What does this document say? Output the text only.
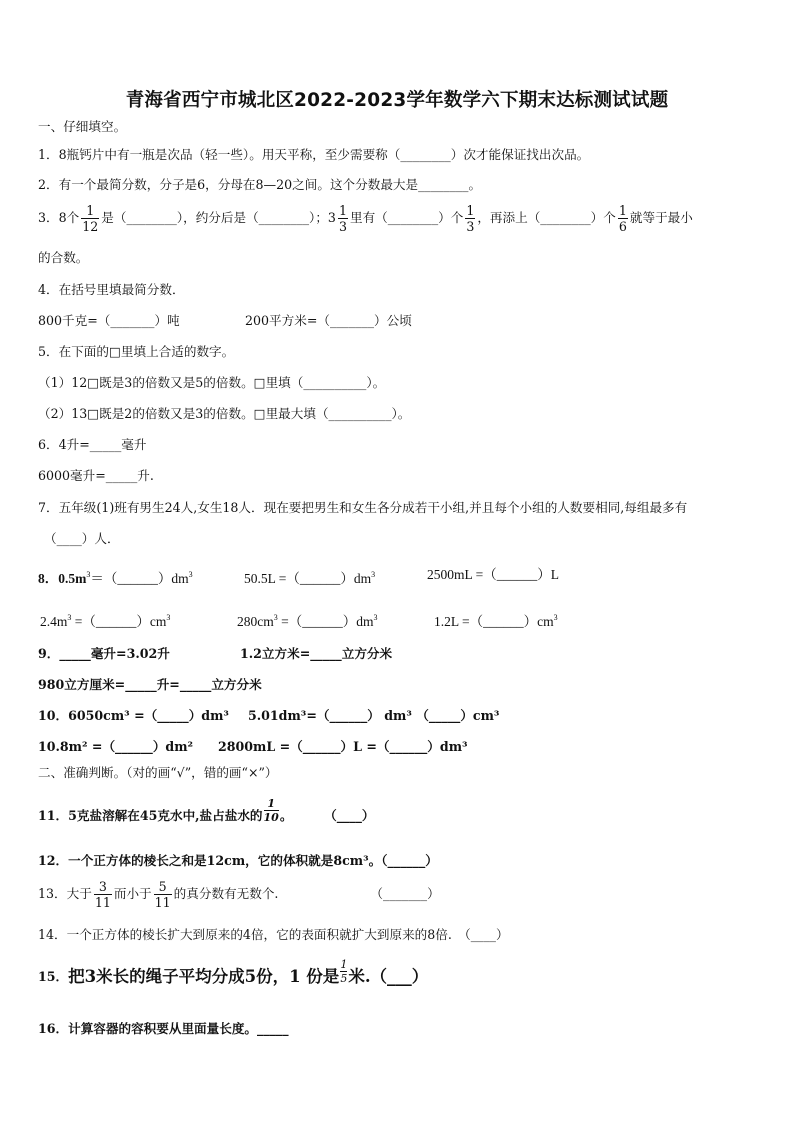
青海省西宁市城北区2022-2023学年数学六下期末达标测试试题
一、仔细填空。
1．8瓶钙片中有一瓶是次品（轻一些）。用天平称，至少需要称（________）次才能保证找出次品。
2．有一个最简分数，分子是6，分母在8—20之间。这个分数最大是________。
3．8个 $\frac{1}{12}$ 是（________），约分后是（________）；$3 \frac{1}{3}$ 里有（________）个 $\frac{1}{3}$ ，再添上（________）个 $\frac{1}{6}$ 就等于最小
的合数。
4．在括号里填最简分数．
800千克=（_______）吨	200平方米=（_______）公顷
5．在下面的□里填上合适的数字。
（1）12□既是3的倍数又是5的倍数。□里填（__________）。
（2）13□既是2的倍数又是3的倍数。□里最大填（__________）。
6．4升=_____毫升
6000毫升=_____升.
7．五年级(1)班有男生24人,女生18人．现在要把男生和女生各分成若干小组,并且每个小组的人数要相同,每组最多有
（____）人．
8．$0.5m^3=(\_\_\_\_\_\_)dm^3$	$50.5L =(\_\_\_\_\_\_)dm^3$	2500mL =（______）L
$2.4m^3$ $=(\_\_\_\_\_\_)cm^3$	$280cm^3$ $=(\_\_\_\_\_\_)dm^3$	$1.2L =(\_\_\_\_\_\_)cm^3$
9．_____毫升=3.02升	1.2立方米=_____立方分米
980立方厘米=_____升=_____立方分米
10．6050cm³ =（_____）dm³ 5.01dm³=（______） dm³ （_____）cm³
10.8m² =（______）dm² 2800mL =（______）L =（______）dm³
二、准确判断。（对的画“√”，错的画“×”）
11．5克盐溶解在45克水中,盐占盐水的 $\frac{1}{10}$ 。	（____）
12．一个正方体的棱长之和是12cm，它的体积就是8cm³。（______）
13．大于 $\frac{3}{11}$ 而小于 $\frac{5}{11}$ 的真分数有无数个.	（_______）
14．一个正方体的棱长扩大到原来的4倍，它的表面积就扩大到原来的8倍.　（____）
15．把3米长的绳子平均分成5份，1 份是 $\frac{1}{5}$ 米.（___）
16．计算容器的容积要从里面量长度。_____
